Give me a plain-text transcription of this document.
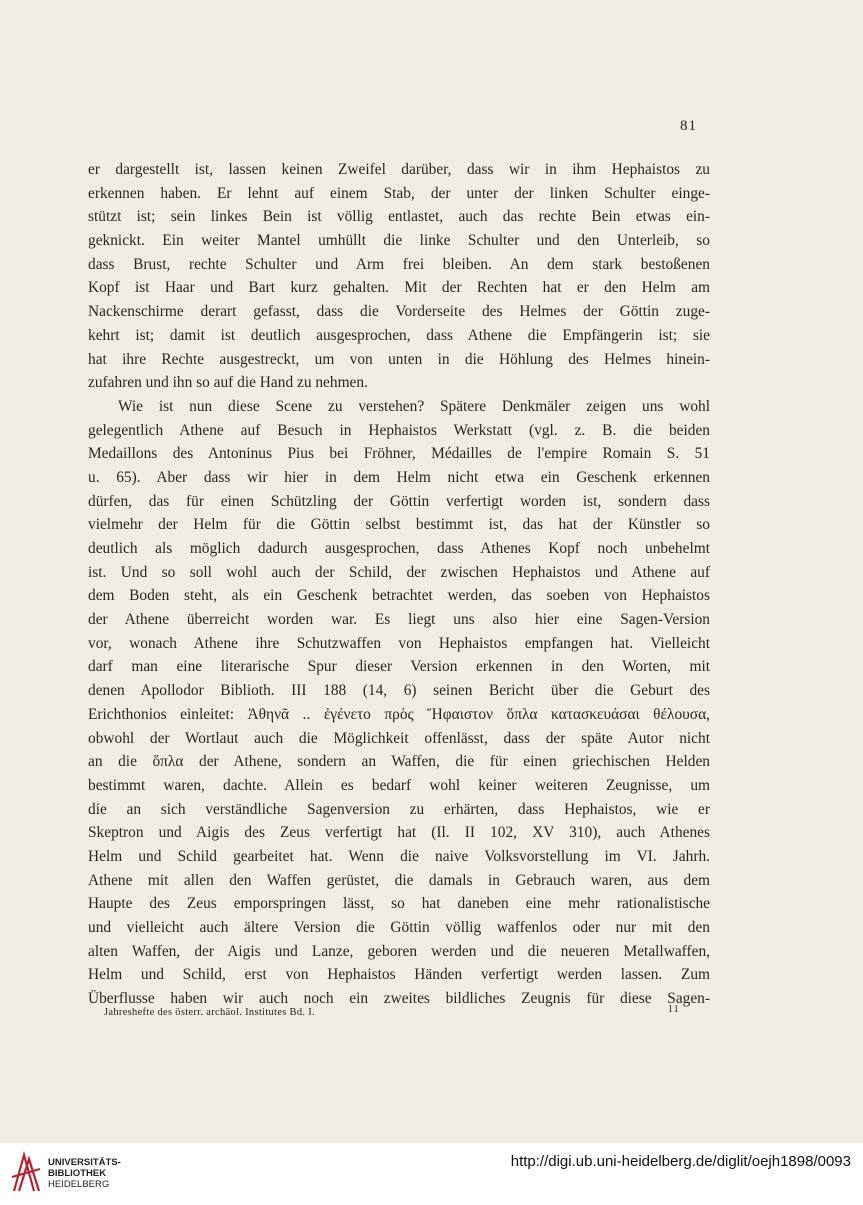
81
er dargestellt ist, lassen keinen Zweifel darüber, dass wir in ihm Hephaistos zu
erkennen haben. Er lehnt auf einem Stab, der unter der linken Schulter einge-
stützt ist; sein linkes Bein ist völlig entlastet, auch das rechte Bein etwas ein-
geknickt. Ein weiter Mantel umhüllt die linke Schulter und den Unterleib, so
dass Brust, rechte Schulter und Arm frei bleiben. An dem stark bestoßenen
Kopf ist Haar und Bart kurz gehalten. Mit der Rechten hat er den Helm am
Nackenschirme derart gefasst, dass die Vorderseite des Helmes der Göttin zuge-
kehrt ist; damit ist deutlich ausgesprochen, dass Athene die Empfängerin ist; sie
hat ihre Rechte ausgestreckt, um von unten in die Höhlung des Helmes hinein-
zufahren und ihn so auf die Hand zu nehmen.
Wie ist nun diese Scene zu verstehen? Spätere Denkmäler zeigen uns wohl
gelegentlich Athene auf Besuch in Hephaistos Werkstatt (vgl. z. B. die beiden
Medaillons des Antoninus Pius bei Fröhner, Médailles de l'empire Romain S. 51
u. 65). Aber dass wir hier in dem Helm nicht etwa ein Geschenk erkennen
dürfen, das für einen Schützling der Göttin verfertigt worden ist, sondern dass
vielmehr der Helm für die Göttin selbst bestimmt ist, das hat der Künstler so
deutlich als möglich dadurch ausgesprochen, dass Athenes Kopf noch unbehelmt
ist. Und so soll wohl auch der Schild, der zwischen Hephaistos und Athene auf
dem Boden steht, als ein Geschenk betrachtet werden, das soeben von Hephaistos
der Athene überreicht worden war. Es liegt uns also hier eine Sagen-Version
vor, wonach Athene ihre Schutzwaffen von Hephaistos empfangen hat. Vielleicht
darf man eine literarische Spur dieser Version erkennen in den Worten, mit
denen Apollodor Biblioth. III 188 (14, 6) seinen Bericht über die Geburt des
Erichthonios einleitet: Ἀθηνᾶ .. ἐγένετο πρὸς Ἥφαιστον ὅπλα κατασκευάσαι θέλουσα,
obwohl der Wortlaut auch die Möglichkeit offenlässt, dass der späte Autor nicht
an die ὅπλα der Athene, sondern an Waffen, die für einen griechischen Helden
bestimmt waren, dachte. Allein es bedarf wohl keiner weiteren Zeugnisse, um
die an sich verständliche Sagenversion zu erhärten, dass Hephaistos, wie er
Skeptron und Aigis des Zeus verfertigt hat (Il. II 102, XV 310), auch Athenes
Helm und Schild gearbeitet hat. Wenn die naive Volksvorstellung im VI. Jahrh.
Athene mit allen den Waffen gerüstet, die damals in Gebrauch waren, aus dem
Haupte des Zeus emporspringen lässt, so hat daneben eine mehr rationalistische
und vielleicht auch ältere Version die Göttin völlig waffenlos oder nur mit den
alten Waffen, der Aigis und Lanze, geboren werden und die neueren Metallwaffen,
Helm und Schild, erst von Hephaistos Händen verfertigt werden lassen. Zum
Überflusse haben wir auch noch ein zweites bildliches Zeugnis für diese Sagen-
Jahreshefte des österr. archäol. Institutes Bd. I.	11
UNIVERSITÄTS-
BIBLIOTHEK
HEIDELBERG
http://digi.ub.uni-heidelberg.de/diglit/oejh1898/0093
